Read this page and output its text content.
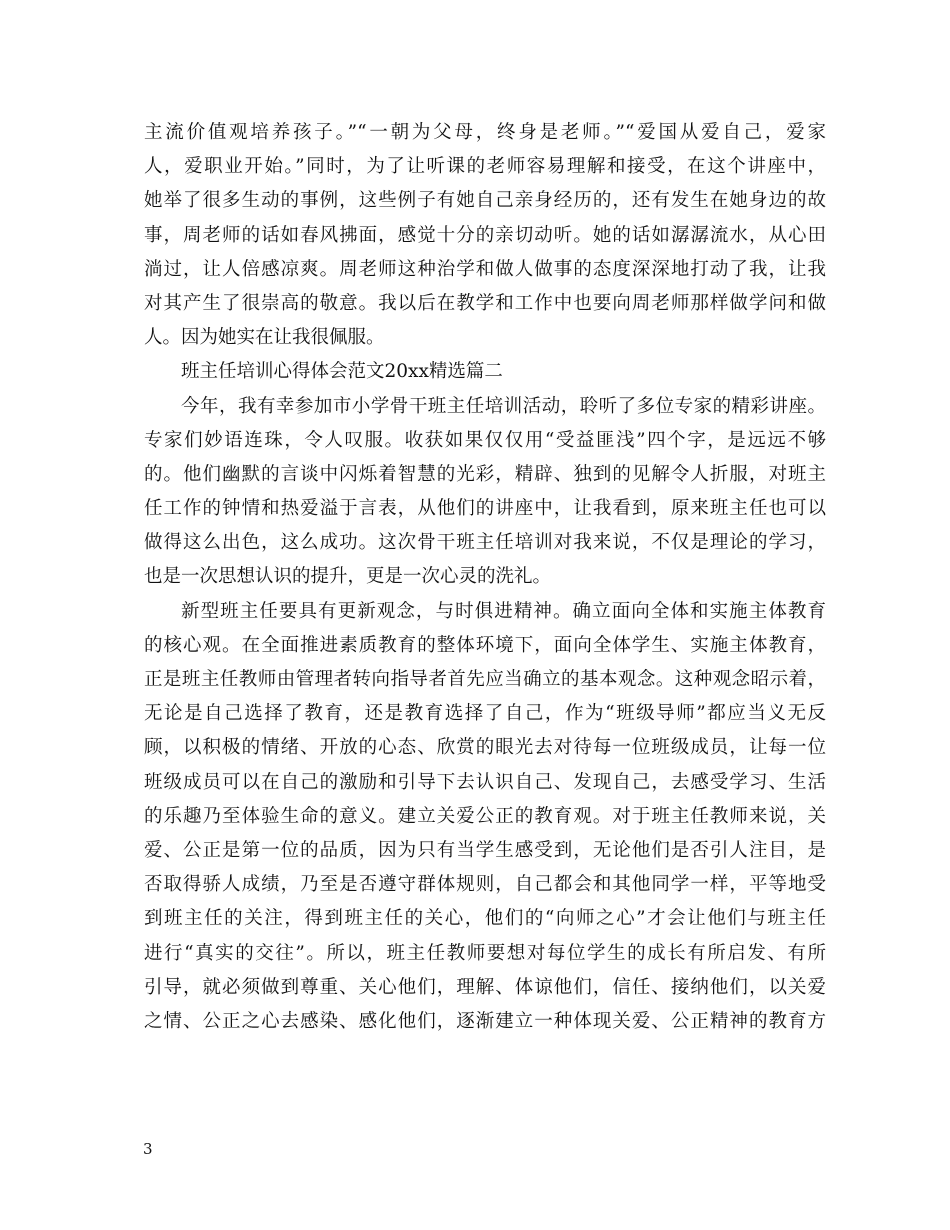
主流价值观培养孩子。”“一朝为父母，终身是老师。”“爱国从爱自己，爱家
人，爱职业开始。”同时，为了让听课的老师容易理解和接受，在这个讲座中，
她举了很多生动的事例，这些例子有她自己亲身经历的，还有发生在她身边的故
事，周老师的话如春风拂面，感觉十分的亲切动听。她的话如潺潺流水，从心田
淌过，让人倍感凉爽。周老师这种治学和做人做事的态度深深地打动了我，让我
对其产生了很崇高的敬意。我以后在教学和工作中也要向周老师那样做学问和做
人。因为她实在让我很佩服。
班主任培训心得体会范文20xx精选篇二
今年，我有幸参加市小学骨干班主任培训活动，聆听了多位专家的精彩讲座。
专家们妙语连珠，令人叹服。收获如果仅仅用“受益匪浅”四个字，是远远不够
的。他们幽默的言谈中闪烁着智慧的光彩，精辟、独到的见解令人折服，对班主
任工作的钟情和热爱溢于言表，从他们的讲座中，让我看到，原来班主任也可以
做得这么出色，这么成功。这次骨干班主任培训对我来说，不仅是理论的学习，
也是一次思想认识的提升，更是一次心灵的洗礼。
新型班主任要具有更新观念，与时俱进精神。确立面向全体和实施主体教育
的核心观。在全面推进素质教育的整体环境下，面向全体学生、实施主体教育，
正是班主任教师由管理者转向指导者首先应当确立的基本观念。这种观念昭示着，
无论是自己选择了教育，还是教育选择了自己，作为“班级导师”都应当义无反
顾，以积极的情绪、开放的心态、欣赏的眼光去对待每一位班级成员，让每一位
班级成员可以在自己的激励和引导下去认识自己、发现自己，去感受学习、生活
的乐趣乃至体验生命的意义。建立关爱公正的教育观。对于班主任教师来说，关
爱、公正是第一位的品质，因为只有当学生感受到，无论他们是否引人注目，是
否取得骄人成绩，乃至是否遵守群体规则，自己都会和其他同学一样，平等地受
到班主任的关注，得到班主任的关心，他们的“向师之心”才会让他们与班主任
进行“真实的交往”。所以，班主任教师要想对每位学生的成长有所启发、有所
引导，就必须做到尊重、关心他们，理解、体谅他们，信任、接纳他们，以关爱
之情、公正之心去感染、感化他们，逐渐建立一种体现关爱、公正精神的教育方
3
